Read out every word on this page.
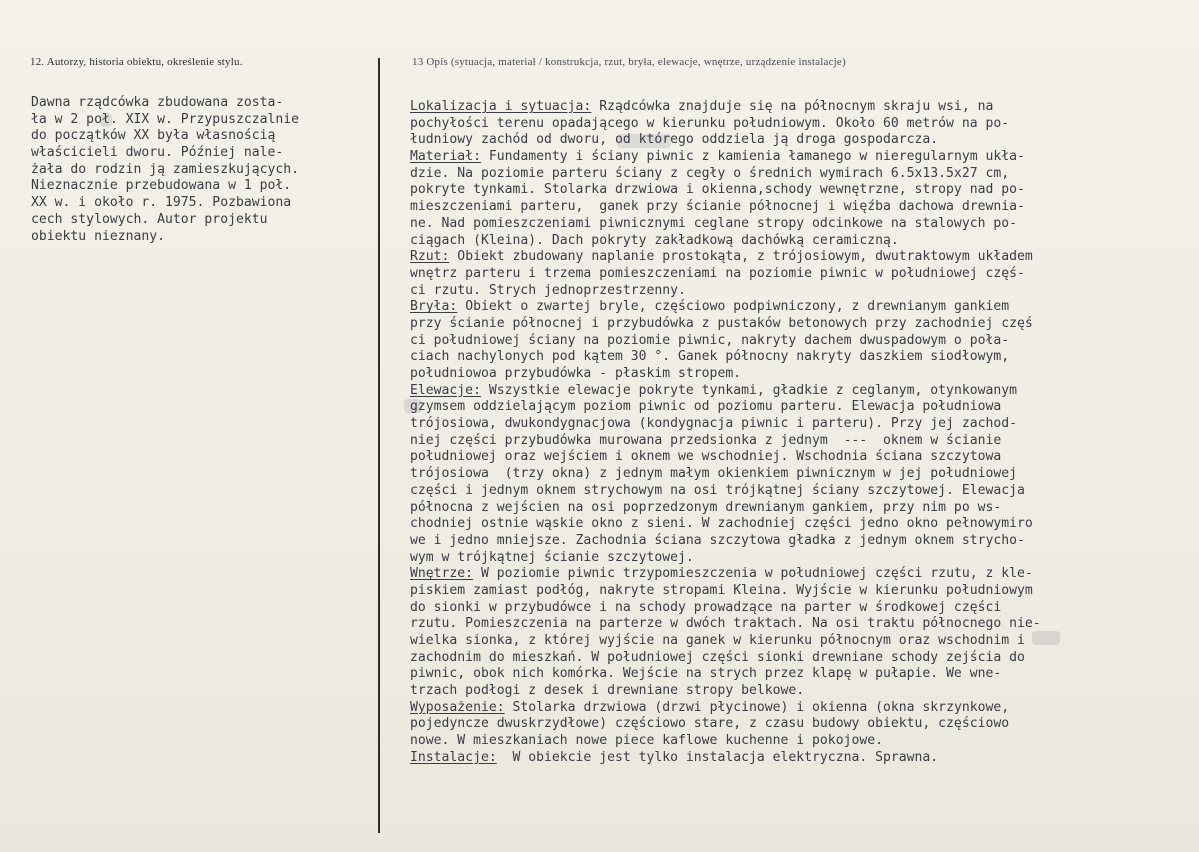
12. Autorzy, historia obiektu, określenie stylu.	13 Opis (sytuacja, materiał / konstrukcja, rzut, bryła, elewacje, wnętrze, urządzenie instalacje)
Dawna rządcówka zbudowana zosta-
ła w 2 poł. XIX w. Przypuszczalnie
do początków XX była własnością
właścicieli dworu. Później nale-
żała do rodzin ją zamieszkujących.
Nieznacznie przebudowana w 1 poł.
XX w. i około r. 1975. Pozbawiona
cech stylowych. Autor projektu
obiektu nieznany.
Lokalizacja i sytuacja: Rządcówka znajduje się na północnym skraju wsi, na
pochyłości terenu opadającego w kierunku południowym. Około 60 metrów na po-
łudniowy zachód od dworu, od którego oddziela ją droga gospodarcza.
Materiał: Fundamenty i ściany piwnic z kamienia łamanego w nieregularnym ukła-
dzie. Na poziomie parteru ściany z cegły o średnich wymirach 6.5x13.5x27 cm,
pokryte tynkami. Stolarka drzwiowa i okienna,schody wewnętrzne, stropy nad po-
mieszczeniami parteru,  ganek przy ścianie północnej i więźba dachowa drewnia-
ne. Nad pomieszczeniami piwnicznymi ceglane stropy odcinkowe na stalowych po-
ciągach (Kleina). Dach pokryty zakładkową dachówką ceramiczną.
Rzut: Obiekt zbudowany naplanie prostokąta, z trójosiowym, dwutraktowym układem
wnętrz parteru i trzema pomieszczeniami na poziomie piwnic w południowej częś-
ci rzutu. Strych jednoprzestrzenny.
Bryła: Obiekt o zwartej bryle, częściowo podpiwniczony, z drewnianym gankiem
przy ścianie północnej i przybudówka z pustaków betonowych przy zachodniej częś
ci południowej ściany na poziomie piwnic, nakryty dachem dwuspadowym o poła-
ciach nachylonych pod kątem 30 °. Ganek północny nakryty daszkiem siodłowym,
południowoa przybudówka - płaskim stropem.
Elewacje: Wszystkie elewacje pokryte tynkami, gładkie z ceglanym, otynkowanym
gzymsem oddzielającym poziom piwnic od poziomu parteru. Elewacja południowa
trójosiowa, dwukondygnacjowa (kondygnacja piwnic i parteru). Przy jej zachod-
niej części przybudówka murowana przedsionka z jednym  ---  oknem w ścianie
południowej oraz wejściem i oknem we wschodniej. Wschodnia ściana szczytowa
trójosiowa  (trzy okna) z jednym małym okienkiem piwnicznym w jej południowej
części i jednym oknem strychowym na osi trójkątnej ściany szczytowej. Elewacja
północna z wejścien na osi poprzedzonym drewnianym gankiem, przy nim po ws-
chodniej ostnie wąskie okno z sieni. W zachodniej części jedno okno pełnowymiro
we i jedno mniejsze. Zachodnia ściana szczytowa gładka z jednym oknem strycho-
wym w trójkątnej ścianie szczytowej.
Wnętrze: W poziomie piwnic trzypomieszczenia w południowej części rzutu, z kle-
piskiem zamiast podłóg, nakryte stropami Kleina. Wyjście w kierunku południowym
do sionki w przybudówce i na schody prowadzące na parter w środkowej części
rzutu. Pomieszczenia na parterze w dwóch traktach. Na osi traktu północnego nie-
wielka sionka, z której wyjście na ganek w kierunku północnym oraz wschodnim i
zachodnim do mieszkań. W południowej części sionki drewniane schody zejścia do
piwnic, obok nich komórka. Wejście na strych przez klapę w pułapie. We wne-
trzach podłogi z desek i drewniane stropy belkowe.
Wyposażenie: Stolarka drzwiowa (drzwi płycinowe) i okienna (okna skrzynkowe,
pojedyncze dwuskrzydłowe) częściowo stare, z czasu budowy obiektu, częściowo
nowe. W mieszkaniach nowe piece kaflowe kuchenne i pokojowe.
Instalacje:  W obiekcie jest tylko instalacja elektryczna. Sprawna.
